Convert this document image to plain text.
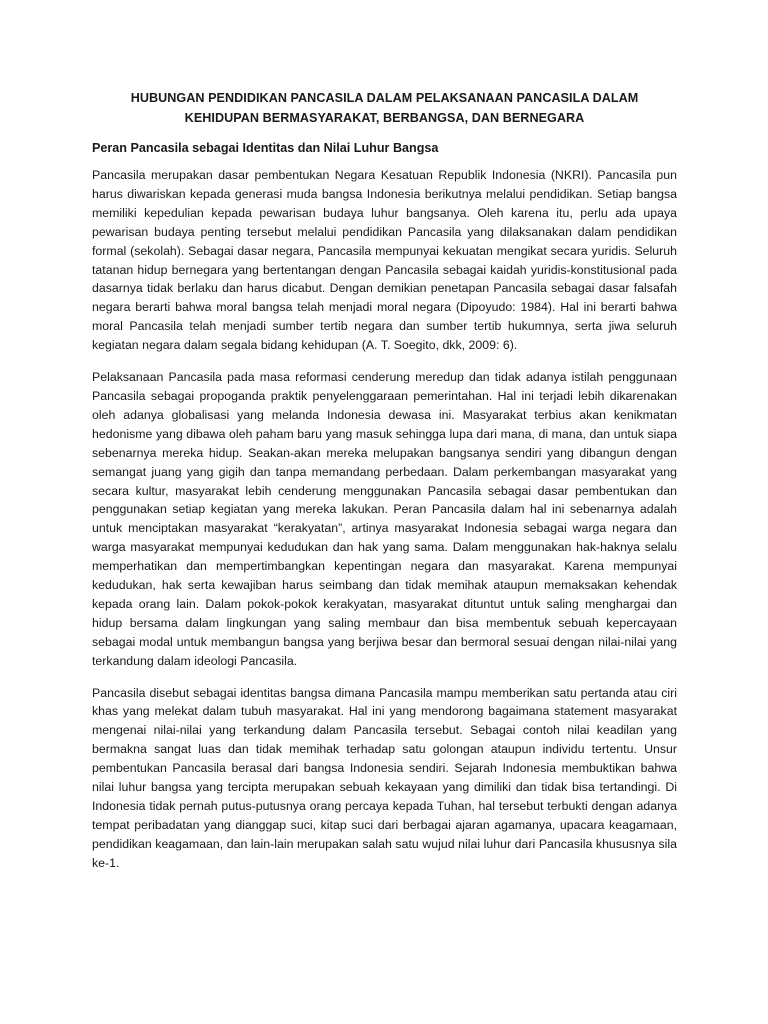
HUBUNGAN PENDIDIKAN PANCASILA DALAM PELAKSANAAN PANCASILA DALAM
KEHIDUPAN BERMASYARAKAT, BERBANGSA, DAN BERNEGARA
Peran Pancasila sebagai Identitas dan Nilai Luhur Bangsa

Pancasila merupakan dasar pembentukan Negara Kesatuan Republik Indonesia (NKRI). Pancasila pun harus diwariskan kepada generasi muda bangsa Indonesia berikutnya melalui pendidikan. Setiap bangsa memiliki kepedulian kepada pewarisan budaya luhur bangsanya. Oleh karena itu, perlu ada upaya pewarisan budaya penting tersebut melalui pendidikan Pancasila yang dilaksanakan dalam pendidikan formal (sekolah). Sebagai dasar negara, Pancasila mempunyai kekuatan mengikat secara yuridis. Seluruh tatanan hidup bernegara yang bertentangan dengan Pancasila sebagai kaidah yuridis-konstitusional pada dasarnya tidak berlaku dan harus dicabut. Dengan demikian penetapan Pancasila sebagai dasar falsafah negara berarti bahwa moral bangsa telah menjadi moral negara (Dipoyudo: 1984). Hal ini berarti bahwa moral Pancasila telah menjadi sumber tertib negara dan sumber tertib hukumnya, serta jiwa seluruh kegiatan negara dalam segala bidang kehidupan (A. T. Soegito, dkk, 2009: 6).

Pelaksanaan Pancasila pada masa reformasi cenderung meredup dan tidak adanya istilah penggunaan Pancasila sebagai propoganda praktik penyelenggaraan pemerintahan. Hal ini terjadi lebih dikarenakan oleh adanya globalisasi yang melanda Indonesia dewasa ini. Masyarakat terbius akan kenikmatan hedonisme yang dibawa oleh paham baru yang masuk sehingga lupa dari mana, di mana, dan untuk siapa sebenarnya mereka hidup. Seakan-akan mereka melupakan bangsanya sendiri yang dibangun dengan semangat juang yang gigih dan tanpa memandang perbedaan. Dalam perkembangan masyarakat yang secara kultur, masyarakat lebih cenderung menggunakan Pancasila sebagai dasar pembentukan dan penggunakan setiap kegiatan yang mereka lakukan. Peran Pancasila dalam hal ini sebenarnya adalah untuk menciptakan masyarakat “kerakyatan”, artinya masyarakat Indonesia sebagai warga negara dan warga masyarakat mempunyai kedudukan dan hak yang sama. Dalam menggunakan hak-haknya selalu memperhatikan dan mempertimbangkan kepentingan negara dan masyarakat. Karena mempunyai kedudukan, hak serta kewajiban harus seimbang dan tidak memihak ataupun memaksakan kehendak kepada orang lain. Dalam pokok-pokok kerakyatan, masyarakat dituntut untuk saling menghargai dan hidup bersama dalam lingkungan yang saling membaur dan bisa membentuk sebuah kepercayaan sebagai modal untuk membangun bangsa yang berjiwa besar dan bermoral sesuai dengan nilai-nilai yang terkandung dalam ideologi Pancasila.

Pancasila disebut sebagai identitas bangsa dimana Pancasila mampu memberikan satu pertanda atau ciri khas yang melekat dalam tubuh masyarakat. Hal ini yang mendorong bagaimana statement masyarakat mengenai nilai-nilai yang terkandung dalam Pancasila tersebut. Sebagai contoh nilai keadilan yang bermakna sangat luas dan tidak memihak terhadap satu golongan ataupun individu tertentu. Unsur pembentukan Pancasila berasal dari bangsa Indonesia sendiri. Sejarah Indonesia membuktikan bahwa nilai luhur bangsa yang tercipta merupakan sebuah kekayaan yang dimiliki dan tidak bisa tertandingi. Di Indonesia tidak pernah putus-putusnya orang percaya kepada Tuhan, hal tersebut terbukti dengan adanya tempat peribadatan yang dianggap suci, kitap suci dari berbagai ajaran agamanya, upacara keagamaan, pendidikan keagamaan, dan lain-lain merupakan salah satu wujud nilai luhur dari Pancasila khususnya sila ke-1.
